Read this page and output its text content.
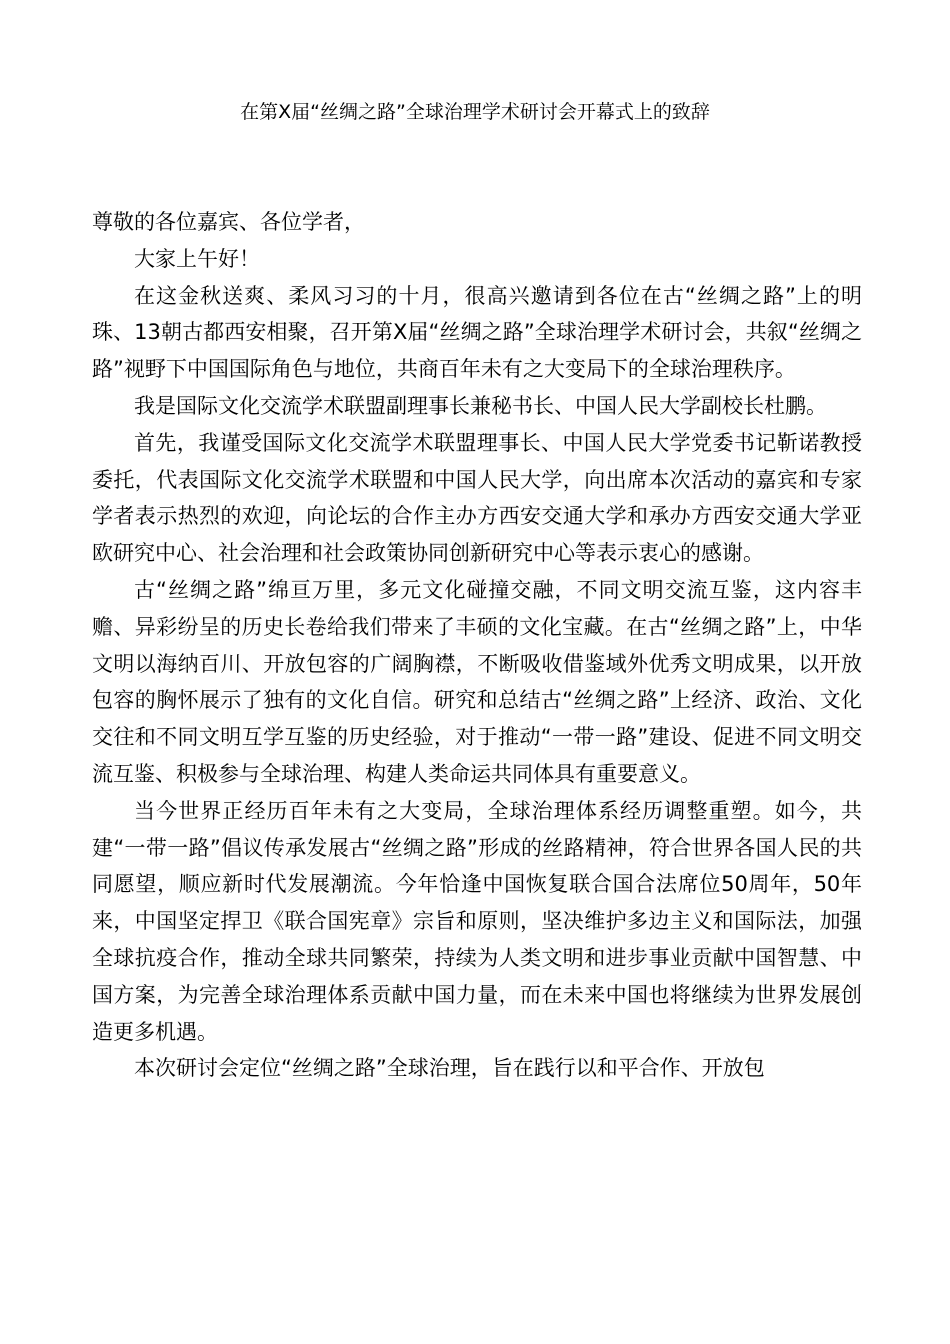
在第X届“丝绸之路”全球治理学术研讨会开幕式上的致辞

尊敬的各位嘉宾、各位学者，

大家上午好！

在这金秋送爽、柔风习习的十月，很高兴邀请到各位在古“丝绸之路”上的明珠、13朝古都西安相聚，召开第X届“丝绸之路”全球治理学术研讨会，共叙“丝绸之路”视野下中国国际角色与地位，共商百年未有之大变局下的全球治理秩序。

我是国际文化交流学术联盟副理事长兼秘书长、中国人民大学副校长杜鹏。

首先，我谨受国际文化交流学术联盟理事长、中国人民大学党委书记靳诺教授委托，代表国际文化交流学术联盟和中国人民大学，向出席本次活动的嘉宾和专家学者表示热烈的欢迎，向论坛的合作主办方西安交通大学和承办方西安交通大学亚欧研究中心、社会治理和社会政策协同创新研究中心等表示衷心的感谢。

古“丝绸之路”绵亘万里，多元文化碰撞交融，不同文明交流互鉴，这内容丰赡、异彩纷呈的历史长卷给我们带来了丰硕的文化宝藏。在古“丝绸之路”上，中华文明以海纳百川、开放包容的广阔胸襟，不断吸收借鉴域外优秀文明成果，以开放包容的胸怀展示了独有的文化自信。研究和总结古“丝绸之路”上经济、政治、文化交往和不同文明互学互鉴的历史经验，对于推动“一带一路”建设、促进不同文明交流互鉴、积极参与全球治理、构建人类命运共同体具有重要意义。

当今世界正经历百年未有之大变局，全球治理体系经历调整重塑。如今，共建“一带一路”倡议传承发展古“丝绸之路”形成的丝路精神，符合世界各国人民的共同愿望，顺应新时代发展潮流。今年恰逢中国恢复联合国合法席位50周年，50年来，中国坚定捍卫《联合国宪章》宗旨和原则，坚决维护多边主义和国际法，加强全球抗疫合作，推动全球共同繁荣，持续为人类文明和进步事业贡献中国智慧、中国方案，为完善全球治理体系贡献中国力量，而在未来中国也将继续为世界发展创造更多机遇。

本次研讨会定位“丝绸之路”全球治理，旨在践行以和平合作、开放包
